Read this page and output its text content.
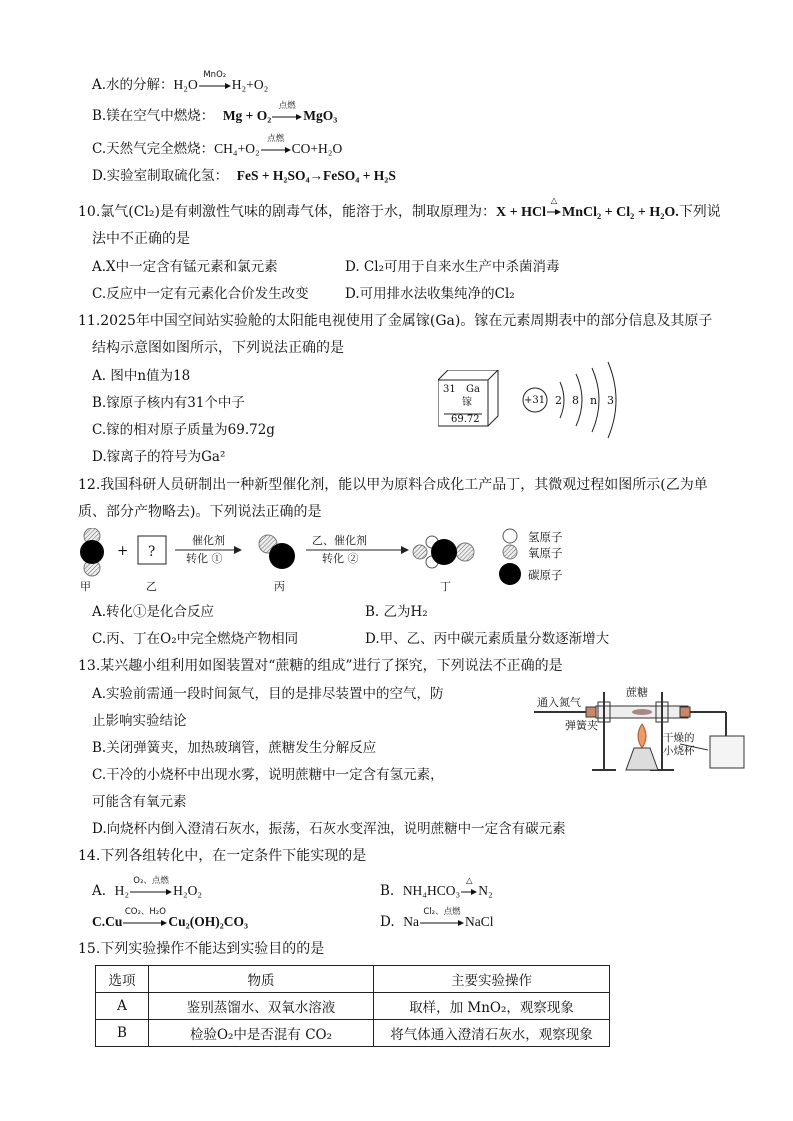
A.水的分解：H₂O
MnO₂
H₂+O₂
B.镁在空气中燃烧： Mg + O₂
点燃
MgO₃
C.天然气完全燃烧：CH₄+O₂
点燃
CO+H₂O
D.实验室制取硫化氢： FeS + H₂SO₄→FeSO₄ + H₂S
10.氯气(Cl₂)是有刺激性气味的剧毒气体，能溶于水，制取原理为：X + HCl
△
MnCl₂ + Cl₂ + H₂O.下列说
法中不正确的是
A.X中一定含有锰元素和氯元素	D. Cl₂可用于自来水生产中杀菌消毒
C.反应中一定有元素化合价发生改变	D.可用排水法收集纯净的Cl₂
11.2025年中国空间站实验舱的太阳能电视使用了金属镓(Ga)。镓在元素周期表中的部分信息及其原子
结构示意图如图所示，下列说法正确的是
A. 图中n值为18
B.镓原子核内有31个中子
C.镓的相对原子质量为69.72g
D.镓离子的符号为Ga²
31 Ga
镓
69.72
+31 2 8 n 3
12.我国科研人员研制出一种新型催化剂，能以甲为原料合成化工产品丁，其微观过程如图所示(乙为单
质、部分产物略去)。下列说法正确的是
+ ?
催化剂
转化 ①
乙、催化剂
转化 ②
甲	乙	丙	丁
氢原子
氧原子
碳原子
A.转化①是化合反应	B. 乙为H₂
C.丙、丁在O₂中完全燃烧产物相同	D.甲、乙、丙中碳元素质量分数逐渐增大
13.某兴趣小组利用如图装置对“蔗糖的组成”进行了探究，下列说法不正确的是
A.实验前需通一段时间氮气，目的是排尽装置中的空气，防
止影响实验结论
B.关闭弹簧夹，加热玻璃管，蔗糖发生分解反应
C.干冷的小烧杯中出现水雾，说明蔗糖中一定含有氢元素，
可能含有氧元素
D.向烧杯内倒入澄清石灰水，振荡，石灰水变浑浊，说明蔗糖中一定含有碳元素
通入氮气
蔗糖
弹簧夹
干燥的
小烧杯
14.下列各组转化中，在一定条件下能实现的是
A. H₂
O₂、点燃
H₂O₂	B. NH₄HCO₃
△
N₂
C.Cu
CO₂、H₂O
Cu₂(OH)₂CO₃	D. Na
Cl₂、点燃
NaCl
15.下列实验操作不能达到实验目的的是
选项	物质	主要实验操作
A	鉴别蒸馏水、双氧水溶液	取样，加 MnO₂，观察现象
B	检验O₂中是否混有 CO₂	将气体通入澄清石灰水，观察现象
